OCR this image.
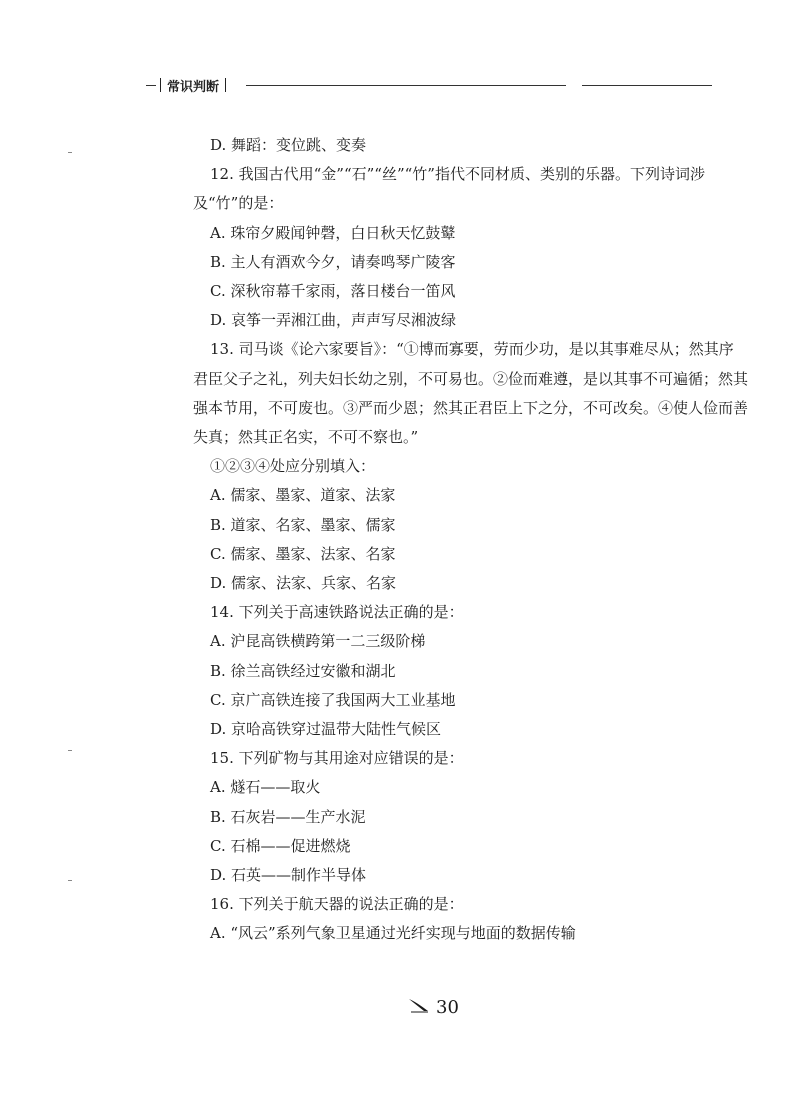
常识判断

D. 舞蹈：变位跳、变奏

12. 我国古代用“金”“石”“丝”“竹”指代不同材质、类别的乐器。下列诗词涉

及“竹”的是：

A. 珠帘夕殿闻钟磬，白日秋天忆鼓鼙

B. 主人有酒欢今夕，请奏鸣琴广陵客

C. 深秋帘幕千家雨，落日楼台一笛风

D. 哀筝一弄湘江曲，声声写尽湘波绿

13. 司马谈《论六家要旨》：“①博而寡要，劳而少功，是以其事难尽从；然其序

君臣父子之礼，列夫妇长幼之别，不可易也。②俭而难遵，是以其事不可遍循；然其

强本节用，不可废也。③严而少恩；然其正君臣上下之分，不可改矣。④使人俭而善

失真；然其正名实，不可不察也。”

①②③④处应分别填入：

A. 儒家、墨家、道家、法家

B. 道家、名家、墨家、儒家

C. 儒家、墨家、法家、名家

D. 儒家、法家、兵家、名家

14. 下列关于高速铁路说法正确的是：

A. 沪昆高铁横跨第一二三级阶梯

B. 徐兰高铁经过安徽和湖北

C. 京广高铁连接了我国两大工业基地

D. 京哈高铁穿过温带大陆性气候区

15. 下列矿物与其用途对应错误的是：

A. 燧石——取火

B. 石灰岩——生产水泥

C. 石棉——促进燃烧

D. 石英——制作半导体

16. 下列关于航天器的说法正确的是：

A. “风云”系列气象卫星通过光纤实现与地面的数据传输

30
